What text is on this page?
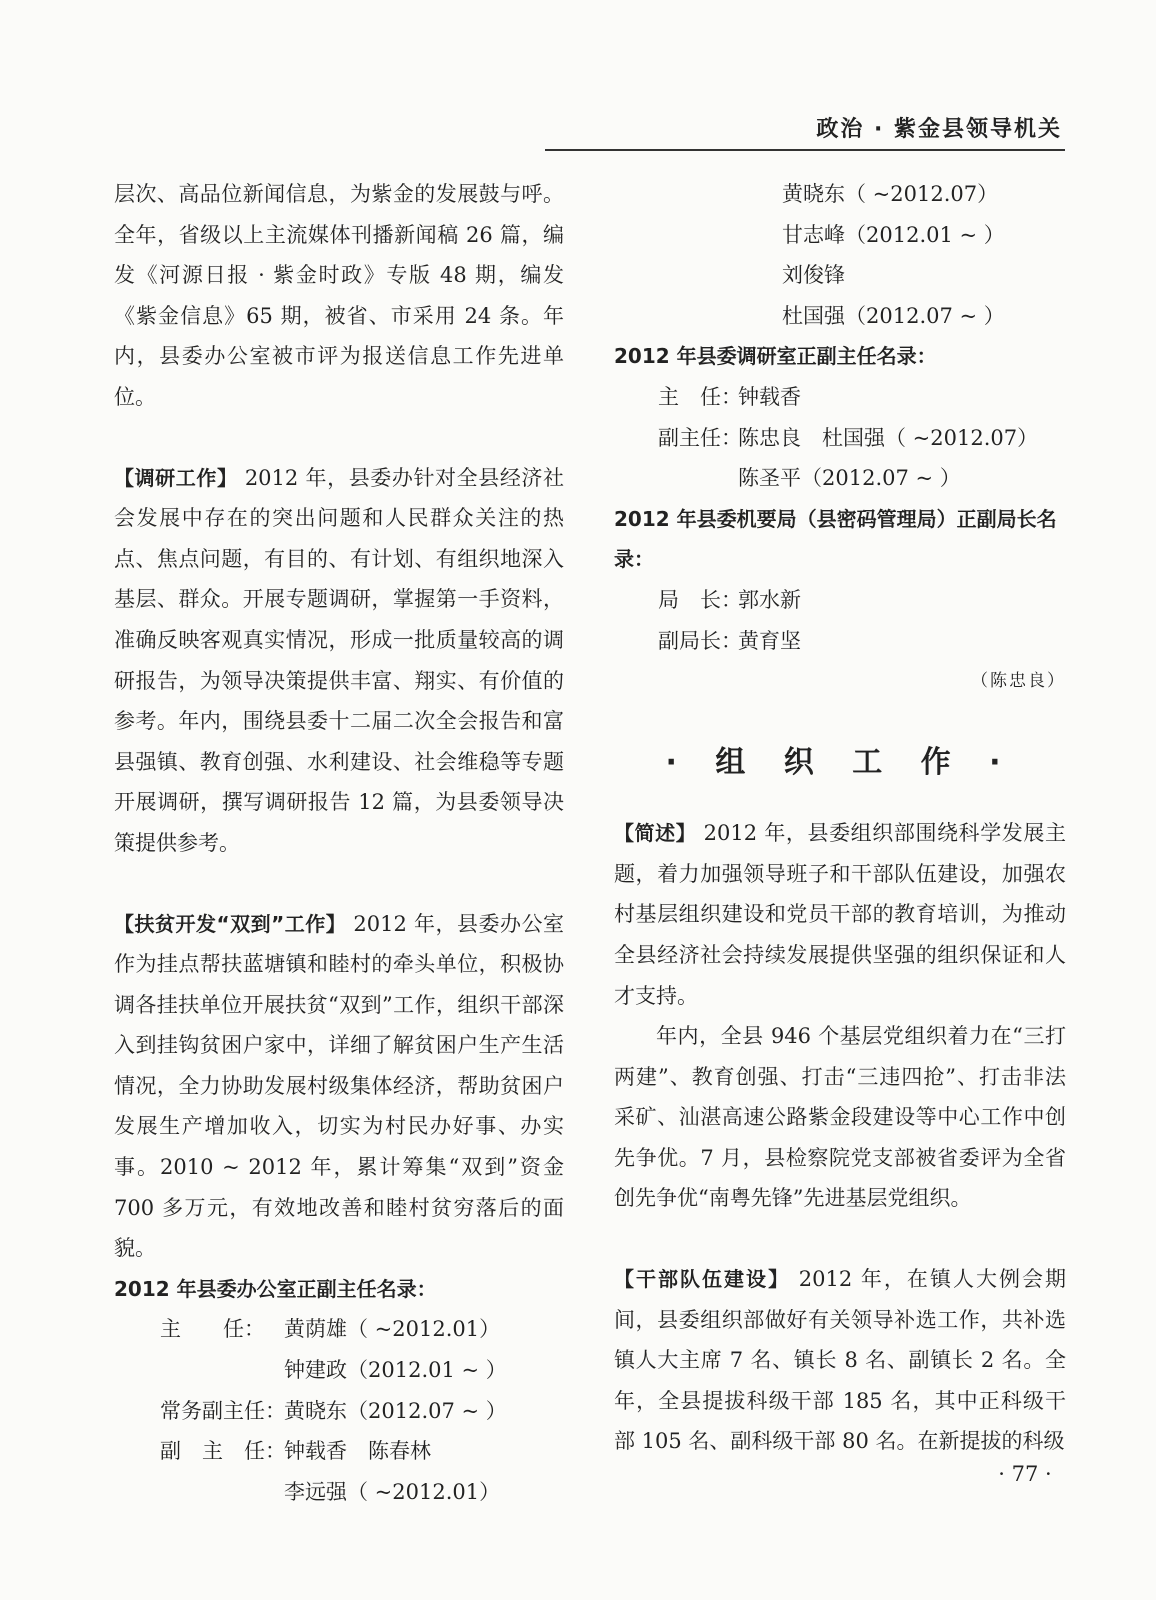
政治 · 紫金县领导机关

层次、高品位新闻信息，为紫金的发展鼓与呼。全年，省级以上主流媒体刊播新闻稿 26 篇，编发《河源日报 · 紫金时政》专版 48 期，编发《紫金信息》65 期，被省、市采用 24 条。年内，县委办公室被市评为报送信息工作先进单位。

【调研工作】 2012 年，县委办针对全县经济社会发展中存在的突出问题和人民群众关注的热点、焦点问题，有目的、有计划、有组织地深入基层、群众。开展专题调研，掌握第一手资料，准确反映客观真实情况，形成一批质量较高的调研报告，为领导决策提供丰富、翔实、有价值的参考。年内，围绕县委十二届二次全会报告和富县强镇、教育创强、水利建设、社会维稳等专题开展调研，撰写调研报告 12 篇，为县委领导决策提供参考。

【扶贫开发“双到”工作】 2012 年，县委办公室作为挂点帮扶蓝塘镇和睦村的牵头单位，积极协调各挂扶单位开展扶贫“双到”工作，组织干部深入到挂钩贫困户家中，详细了解贫困户生产生活情况，全力协助发展村级集体经济，帮助贫困户发展生产增加收入，切实为村民办好事、办实事。2010 ~ 2012 年，累计筹集“双到”资金 700 多万元，有效地改善和睦村贫穷落后的面貌。

2012 年县委办公室正副主任名录：
主　　任： 黄荫雄（ ~2012.01）
钟建政（2012.01 ~ ）
常务副主任：黄晓东（2012.07 ~ ）
副　主　任：钟载香　陈春林
李远强（ ~2012.01）
黄晓东（ ~2012.07）
甘志峰（2012.01 ~ ）
刘俊锋
杜国强（2012.07 ~ ）
2012 年县委调研室正副主任名录：
主　任：钟载香
副主任：陈忠良　杜国强（ ~2012.07）
陈圣平（2012.07 ~ ）
2012 年县委机要局（县密码管理局）正副局长名录：
局　长：郭水新
副局长：黄育坚
（陈忠良）
· 组 织 工 作 ·

【简述】 2012 年，县委组织部围绕科学发展主题，着力加强领导班子和干部队伍建设，加强农村基层组织建设和党员干部的教育培训，为推动全县经济社会持续发展提供坚强的组织保证和人才支持。

年内，全县 946 个基层党组织着力在“三打两建”、教育创强、打击“三违四抢”、打击非法采矿、汕湛高速公路紫金段建设等中心工作中创先争优。7 月，县检察院党支部被省委评为全省创先争优“南粤先锋”先进基层党组织。

【干部队伍建设】 2012 年，在镇人大例会期间，县委组织部做好有关领导补选工作，共补选镇人大主席 7 名、镇长 8 名、副镇长 2 名。全年，全县提拔科级干部 185 名，其中正科级干部 105 名、副科级干部 80 名。在新提拔的科级

· 77 ·
